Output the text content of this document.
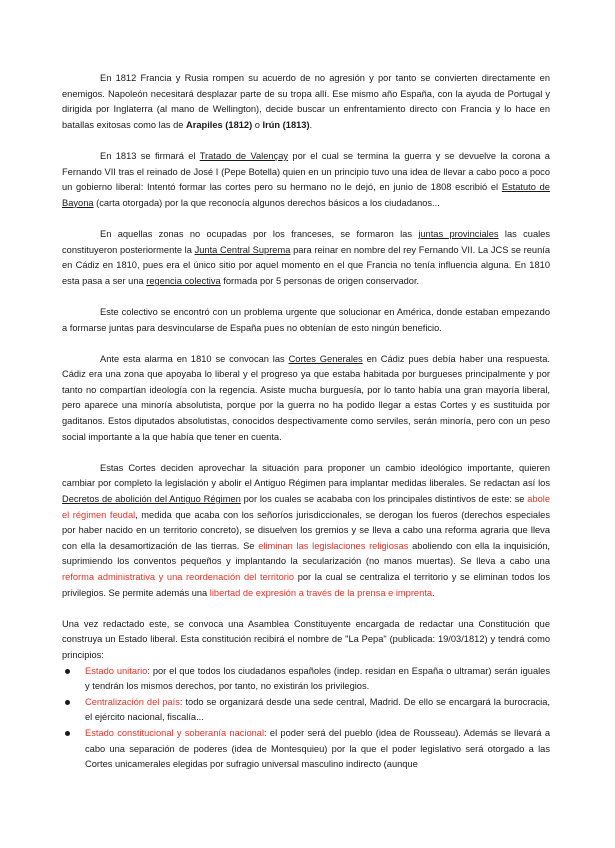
En 1812 Francia y Rusia rompen su acuerdo de no agresión y por tanto se convierten directamente en enemigos. Napoleón necesitará desplazar parte de su tropa allí. Ese mismo año España, con la ayuda de Portugal y dirigida por Inglaterra (al mano de Wellington), decide buscar un enfrentamiento directo con Francia y lo hace en batallas exitosas como las de Arapiles (1812) o Irún (1813).

En 1813 se firmará el Tratado de Valençay por el cual se termina la guerra y se devuelve la corona a Fernando VII tras el reinado de José I (Pepe Botella) quien en un principio tuvo una idea de llevar a cabo poco a poco un gobierno liberal: Intentó formar las cortes pero su hermano no le dejó, en junio de 1808 escribió el Estatuto de Bayona (carta otorgada) por la que reconocía algunos derechos básicos a los ciudadanos...

En aquellas zonas no ocupadas por los franceses, se formaron las juntas provinciales las cuales constituyeron posteriormente la Junta Central Suprema para reinar en nombre del rey Fernando VII. La JCS se reunía en Cádiz en 1810, pues era el único sitio por aquel momento en el que Francia no tenía influencia alguna. En 1810 esta pasa a ser una regencia colectiva formada por 5 personas de origen conservador.

Este colectivo se encontró con un problema urgente que solucionar en América, donde estaban empezando a formarse juntas para desvincularse de España pues no obtenían de esto ningún beneficio.

Ante esta alarma en 1810 se convocan las Cortes Generales en Cádiz pues debía haber una respuesta. Cádiz era una zona que apoyaba lo liberal y el progreso ya que estaba habitada por burgueses principalmente y por tanto no compartían ideología con la regencia. Asiste mucha burguesía, por lo tanto había una gran mayoría liberal, pero aparece una minoría absolutista, porque por la guerra no ha podido llegar a estas Cortes y es sustituida por gaditanos. Estos diputados absolutistas, conocidos despectivamente como serviles, serán minoría, pero con un peso social importante a la que había que tener en cuenta.

Estas Cortes deciden aprovechar la situación para proponer un cambio ideológico importante, quieren cambiar por completo la legislación y abolir el Antiguo Régimen para implantar medidas liberales. Se redactan así los Decretos de abolición del Antiguo Régimen por los cuales se acababa con los principales distintivos de este: se abole el régimen feudal, medida que acaba con los señoríos jurisdiccionales, se derogan los fueros (derechos especiales por haber nacido en un territorio concreto), se disuelven los gremios y se lleva a cabo una reforma agraria que lleva con ella la desamortización de las tierras. Se eliminan las legislaciones religiosas aboliendo con ella la inquisición, suprimiendo los conventos pequeños y implantando la secularización (no manos muertas). Se lleva a cabo una reforma administrativa y una reordenación del territorio por la cual se centraliza el territorio y se eliminan todos los privilegios. Se permite además una libertad de expresión a través de la prensa e imprenta.

Una vez redactado este, se convoca una Asamblea Constituyente encargada de redactar una Constitución que construya un Estado liberal. Esta constitución recibirá el nombre de "La Pepa" (publicada: 19/03/1812) y tendrá como principios:

Estado unitario: por el que todos los ciudadanos españoles (indep. residan en España o ultramar) serán iguales y tendrán los mismos derechos, por tanto, no existirán los privilegios.
Centralización del país: todo se organizará desde una sede central, Madrid. De ello se encargará la burocracia, el ejército nacional, fiscalía...
Estado constitucional y soberanía nacional: el poder será del pueblo (idea de Rousseau). Además se llevará a cabo una separación de poderes (idea de Montesquieu) por la que el poder legislativo será otorgado a las Cortes unicamerales elegidas por sufragio universal masculino indirecto (aunque
